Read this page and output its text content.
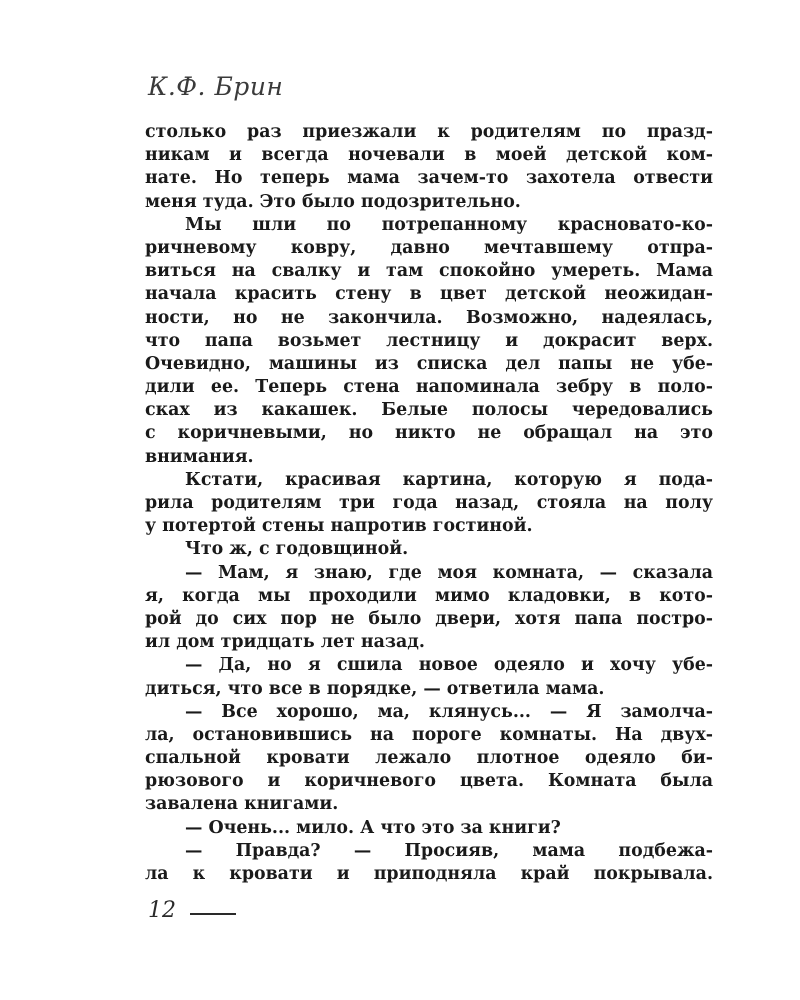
К.Ф. Брин
столько раз приезжали к родителям по празд-
никам и всегда ночевали в моей детской ком-
нате. Но теперь мама зачем-то захотела отвести
меня туда. Это было подозрительно.
Мы шли по потрепанному красновато-ко-
ричневому ковру, давно мечтавшему отпра-
виться на свалку и там спокойно умереть. Мама
начала красить стену в цвет детской неожидан-
ности, но не закончила. Возможно, надеялась,
что папа возьмет лестницу и докрасит верх.
Очевидно, машины из списка дел папы не убе-
дили ее. Теперь стена напоминала зебру в поло-
сках из какашек. Белые полосы чередовались
с коричневыми, но никто не обращал на это
внимания.
Кстати, красивая картина, которую я пода-
рила родителям три года назад, стояла на полу
у потертой стены напротив гостиной.
Что ж, с годовщиной.
— Мам, я знаю, где моя комната, — сказала
я, когда мы проходили мимо кладовки, в кото-
рой до сих пор не было двери, хотя папа постро-
ил дом тридцать лет назад.
— Да, но я сшила новое одеяло и хочу убе-
диться, что все в порядке, — ответила мама.
— Все хорошо, ма, клянусь... — Я замолча-
ла, остановившись на пороге комнаты. На двух-
спальной кровати лежало плотное одеяло би-
рюзового и коричневого цвета. Комната была
завалена книгами.
— Очень... мило. А что это за книги?
— Правда? — Просияв, мама подбежа-
ла к кровати и приподняла край покрывала.
12
